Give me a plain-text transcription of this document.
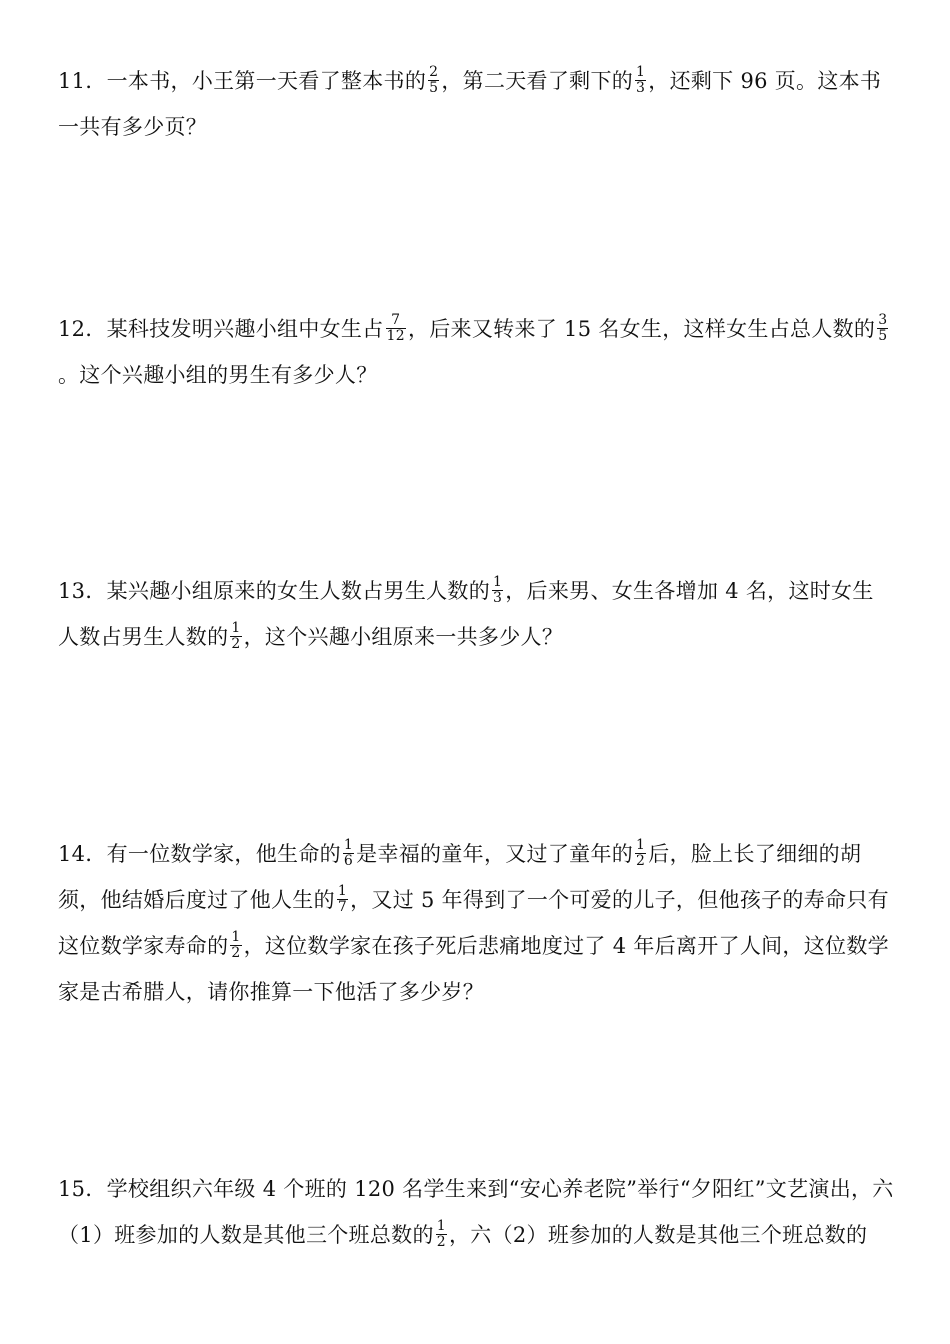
11．一本书，小王第一天看了整本书的 $\frac{2}{5}$ ，第二天看了剩下的 $\frac{1}{3}$ ，还剩下 96 页。这本书一共有多少页？
12．某科技发明兴趣小组中女生占 $\frac{7}{12}$ ，后来又转来了 15 名女生，这样女生占总人数的 $\frac{3}{5}$
。这个兴趣小组的男生有多少人？
13．某兴趣小组原来的女生人数占男生人数的 $\frac{1}{3}$ ，后来男、女生各增加 4 名，这时女生人数占男生人数的 $\frac{1}{2}$ ，这个兴趣小组原来一共多少人？
14．有一位数学家，他生命的 $\frac{1}{6}$ 是幸福的童年，又过了童年的 $\frac{1}{2}$ 后，脸上长了细细的胡须，他结婚后度过了他人生的 $\frac{1}{7}$ ，又过 5 年得到了一个可爱的儿子，但他孩子的寿命只有这位数学家寿命的 $\frac{1}{2}$ ，这位数学家在孩子死后悲痛地度过了 4 年后离开了人间，这位数学家是古希腊人，请你推算一下他活了多少岁？
15．学校组织六年级 4 个班的 120 名学生来到“安心养老院”举行“夕阳红”文艺演出，六（1）班参加的人数是其他三个班总数的 $\frac{1}{2}$ ，六（2）班参加的人数是其他三个班总数的
